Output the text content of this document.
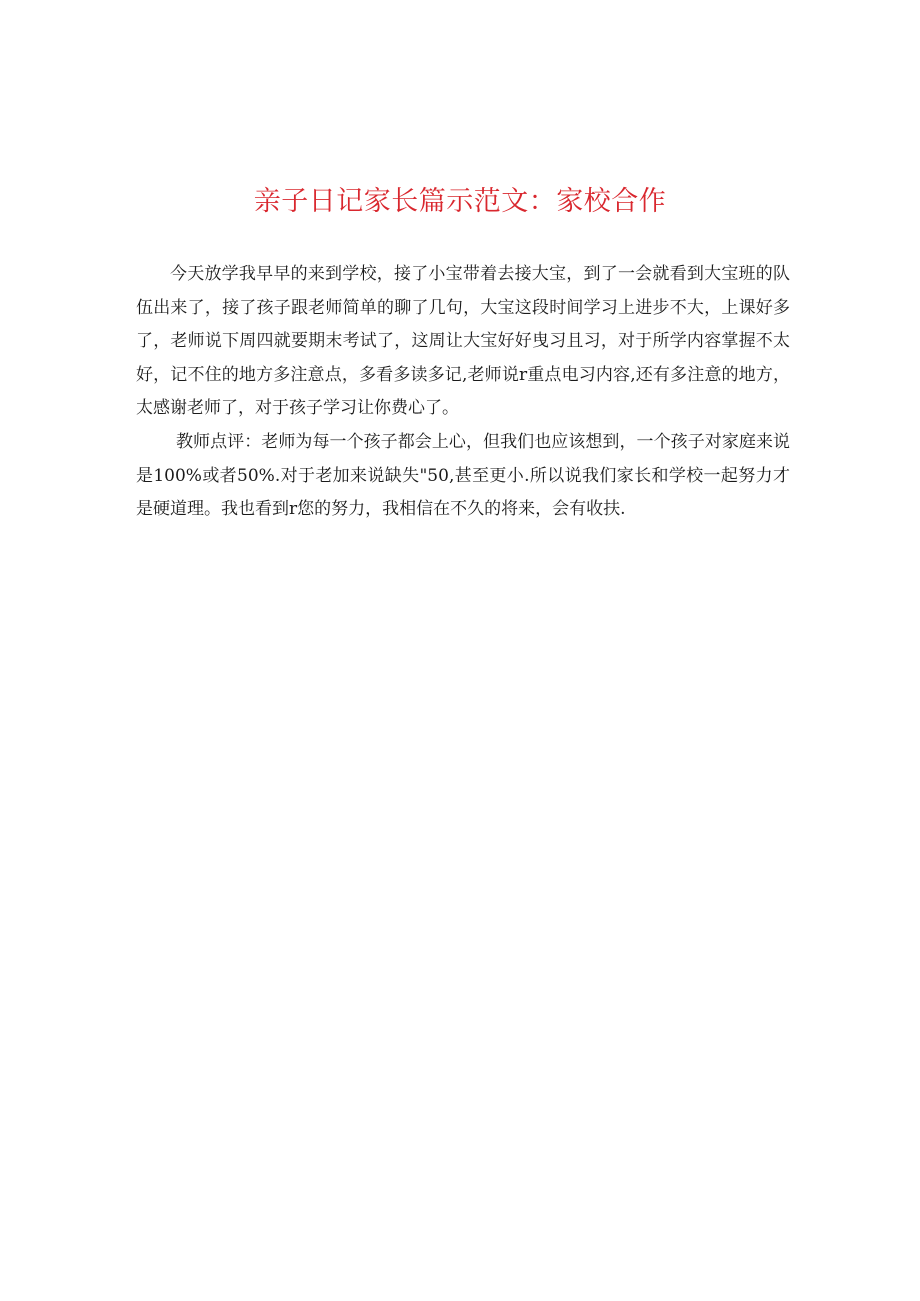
亲子日记家长篇示范文：家校合作

今天放学我早早的来到学校，接了小宝带着去接大宝，到了一会就看到大宝班的队伍出来了，接了孩子跟老师简单的聊了几句，大宝这段时间学习上进步不大，上课好多了，老师说下周四就要期末考试了，这周让大宝好好曳习且习，对于所学内容掌握不太好，记不住的地方多注意点，多看多读多记,老师说r重点电习内容,还有多注意的地方，太感谢老师了，对于孩子学习让你费心了。

教师点评：老师为每一个孩子都会上心，但我们也应该想到，一个孩子对家庭来说是100%或者50%.对于老加来说缺失"50,甚至更小.所以说我们家长和学校一起努力才是硬道理。我也看到r您的努力，我相信在不久的将来，会有收扶.
